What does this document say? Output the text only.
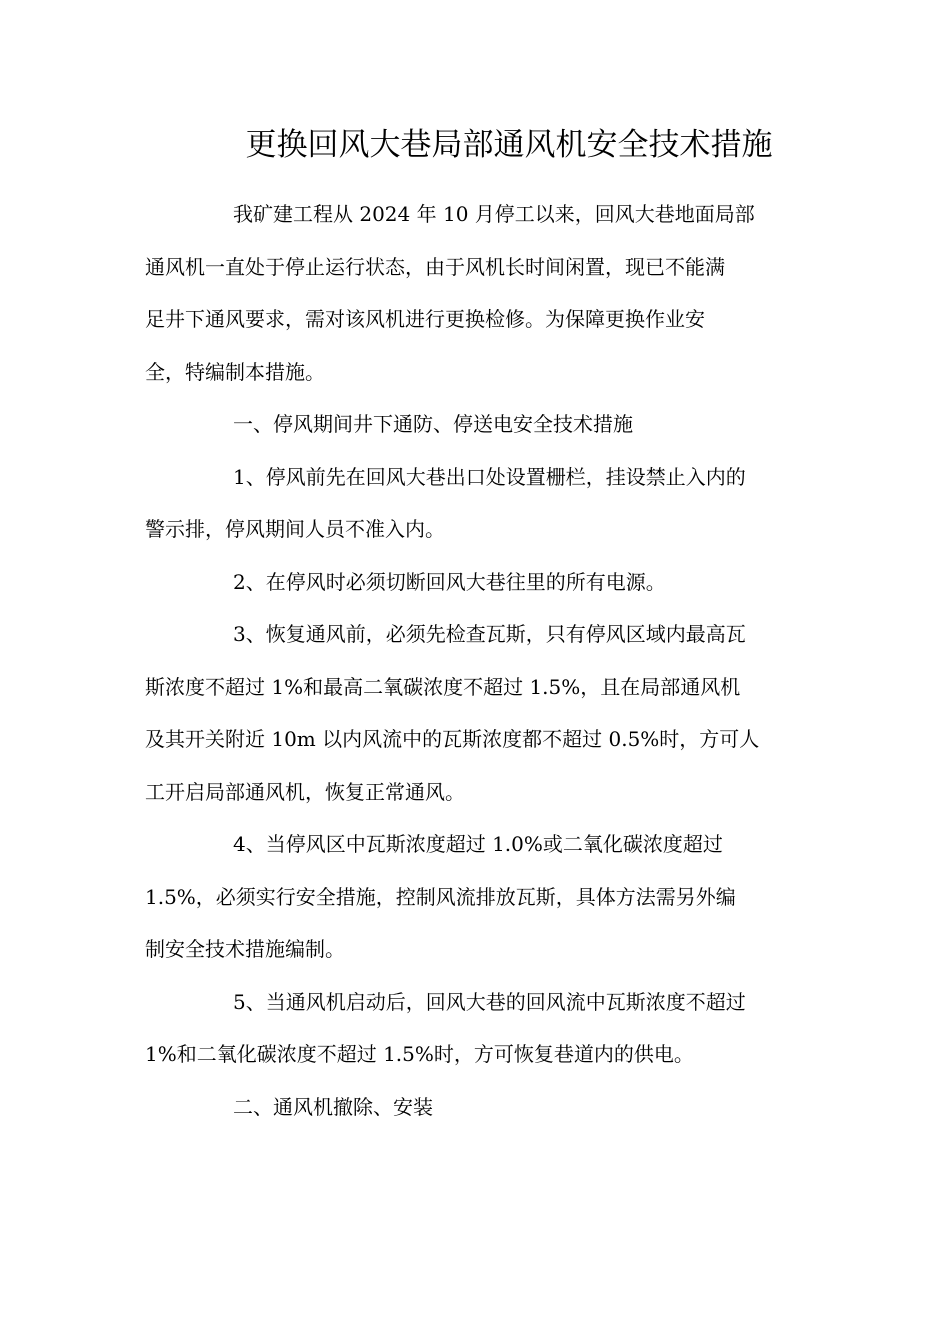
更换回风大巷局部通风机安全技术措施
我矿建工程从 2024 年 10 月停工以来，回风大巷地面局部
通风机一直处于停止运行状态，由于风机长时间闲置，现已不能满
足井下通风要求，需对该风机进行更换检修。为保障更换作业安
全，特编制本措施。
一、停风期间井下通防、停送电安全技术措施
1、停风前先在回风大巷出口处设置栅栏，挂设禁止入内的
警示排，停风期间人员不准入内。
2、在停风时必须切断回风大巷往里的所有电源。
3、恢复通风前，必须先检查瓦斯，只有停风区域内最高瓦
斯浓度不超过 1%和最高二氧碳浓度不超过 1.5%，且在局部通风机
及其开关附近 10m 以内风流中的瓦斯浓度都不超过 0.5%时，方可人
工开启局部通风机，恢复正常通风。
4、当停风区中瓦斯浓度超过 1.0%或二氧化碳浓度超过
1.5%，必须实行安全措施，控制风流排放瓦斯，具体方法需另外编
制安全技术措施编制。
5、当通风机启动后，回风大巷的回风流中瓦斯浓度不超过
1%和二氧化碳浓度不超过 1.5%时，方可恢复巷道内的供电。
二、通风机撤除、安装
